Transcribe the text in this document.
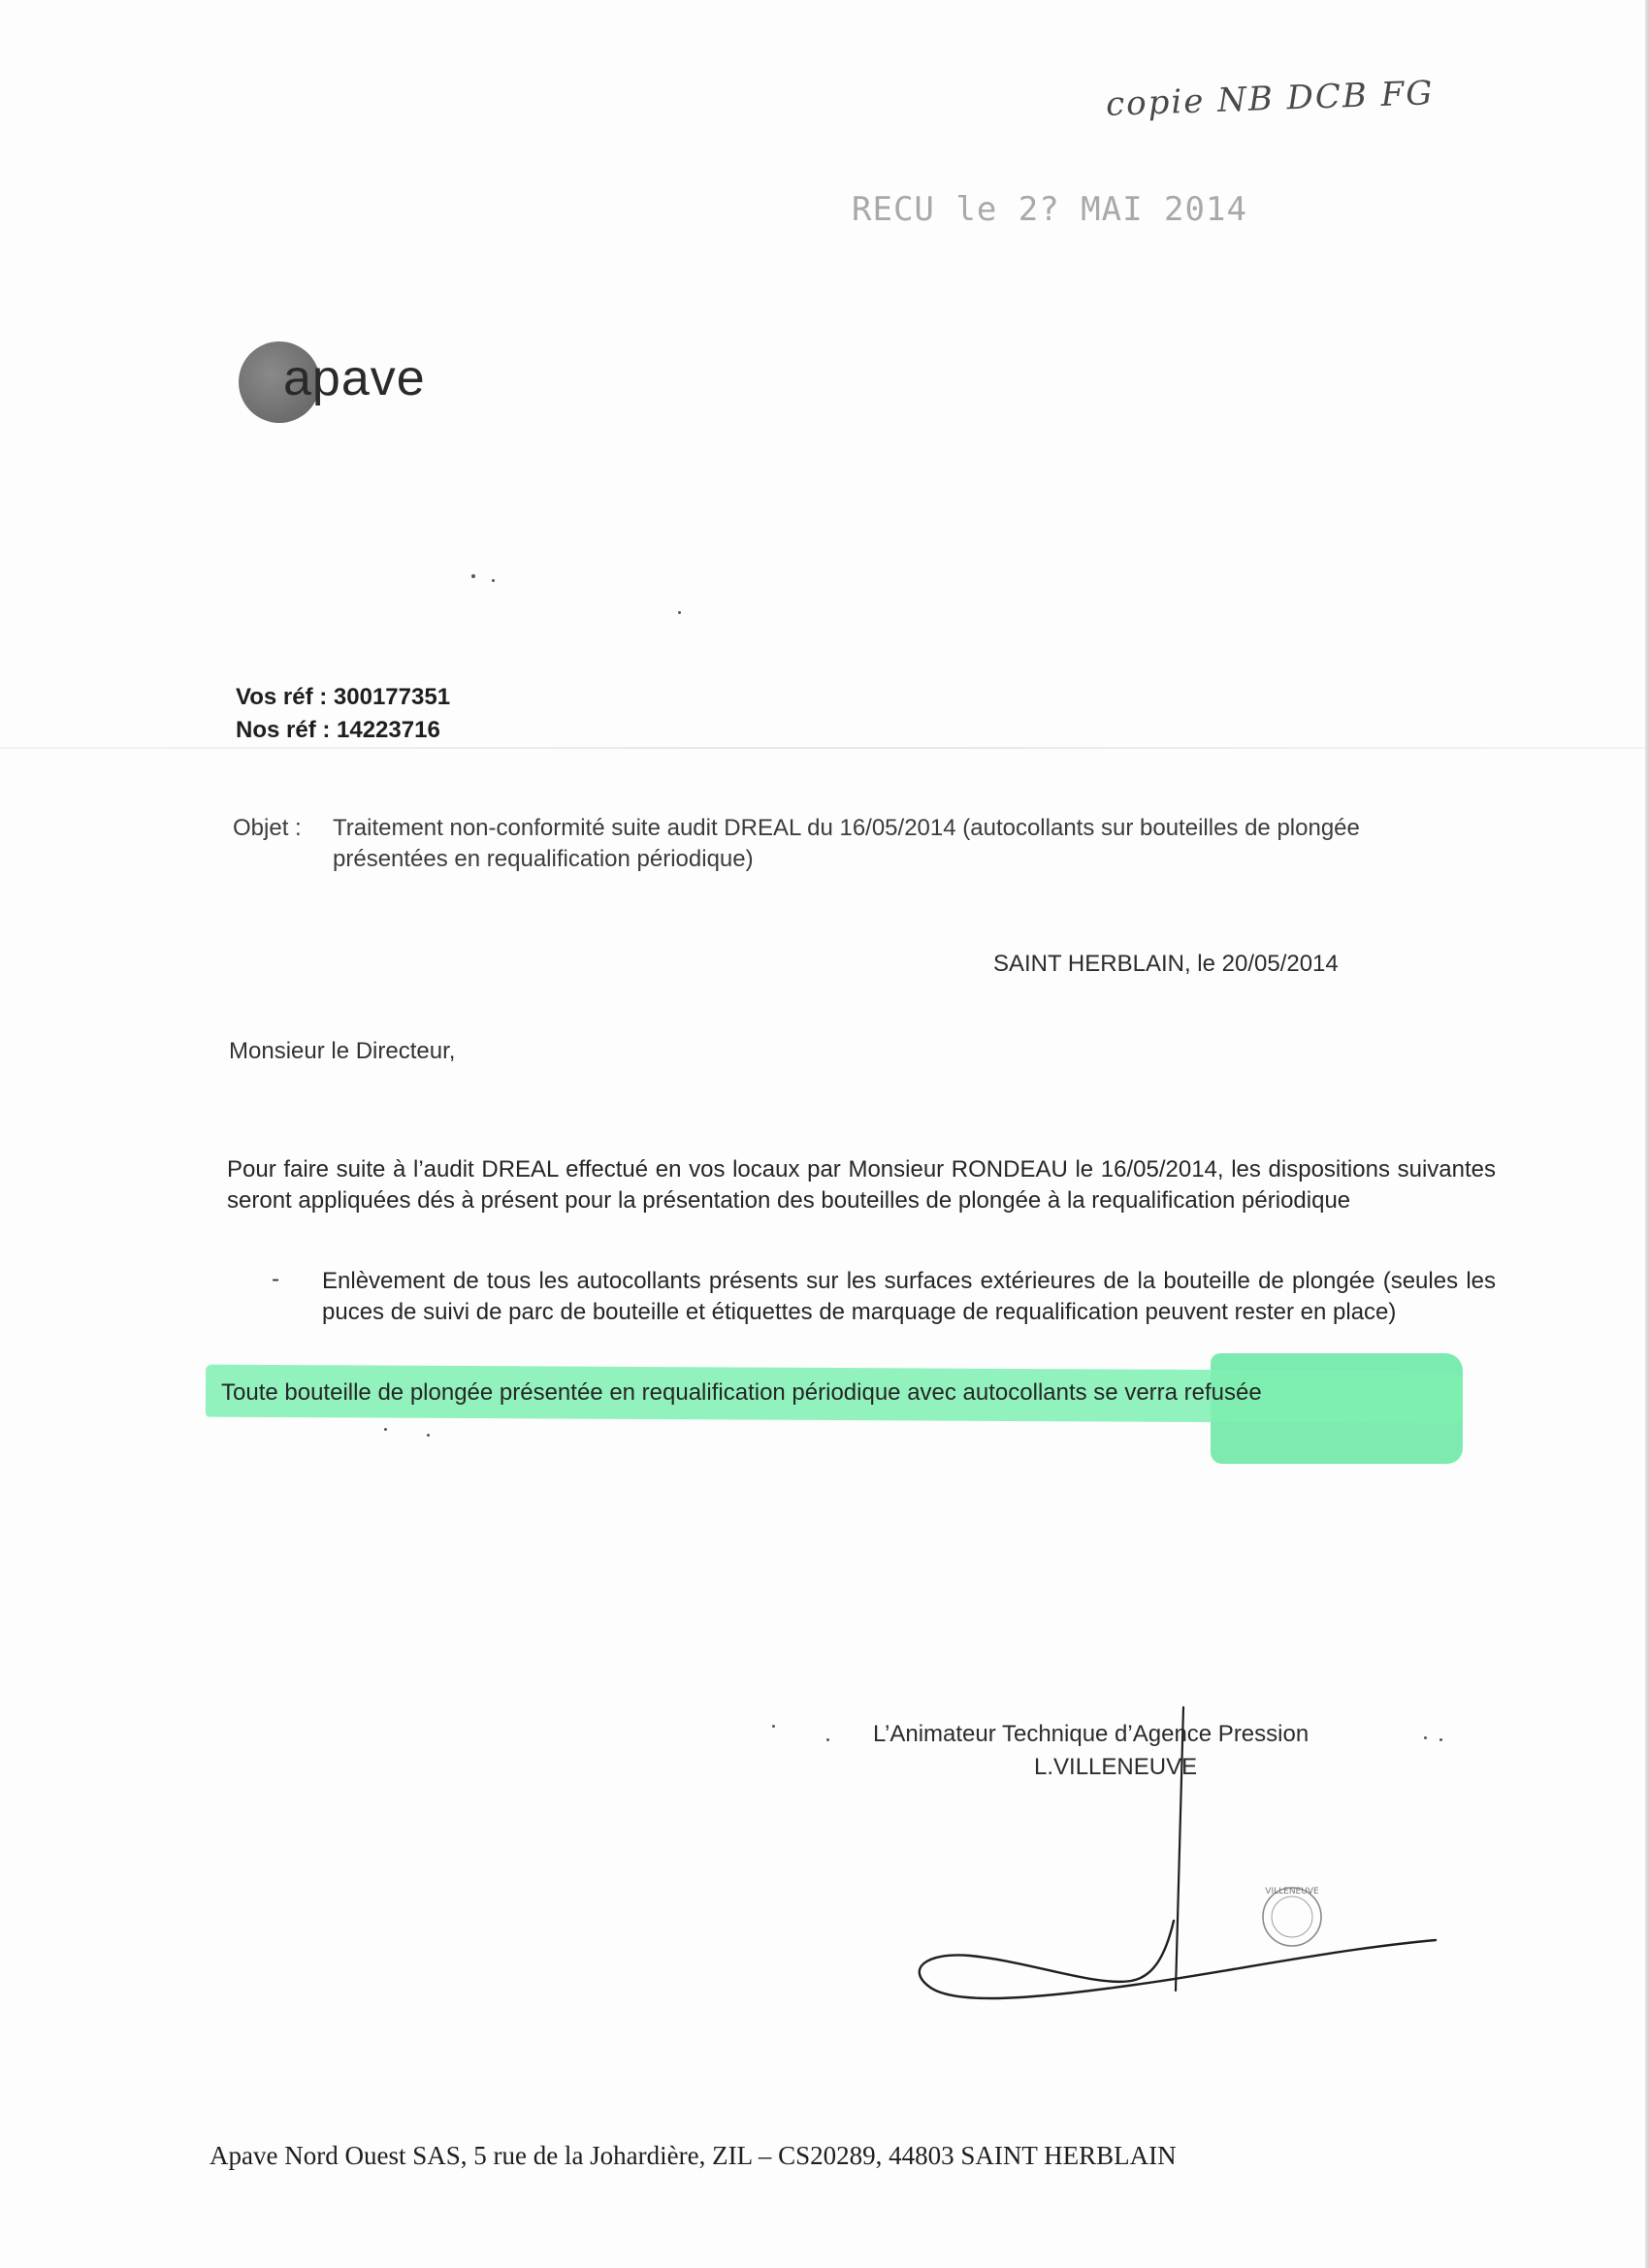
copie NB DCB FG
RECU le 2? MAI 2014
apave
Vos réf : 300177351
Nos réf : 14223716
Objet :	Traitement non-conformité suite audit DREAL du 16/05/2014 (autocollants sur bouteilles de plongée présentées en requalification périodique)
SAINT HERBLAIN, le 20/05/2014
Monsieur le Directeur,
Pour faire suite à l’audit DREAL effectué en vos locaux par Monsieur RONDEAU le 16/05/2014, les dispositions suivantes seront appliquées dés à présent pour la présentation des bouteilles de plongée à la requalification périodique
- Enlèvement de tous les autocollants présents sur les surfaces extérieures de la bouteille de plongée (seules les puces de suivi de parc de bouteille et étiquettes de marquage de requalification peuvent rester en place)
Toute bouteille de plongée présentée en requalification périodique avec autocollants se verra refusée
L’Animateur Technique d’Agence Pression
L.VILLENEUVE
VILLENEUVE
Apave Nord Ouest SAS, 5 rue de la Johardière, ZIL – CS20289, 44803 SAINT HERBLAIN
